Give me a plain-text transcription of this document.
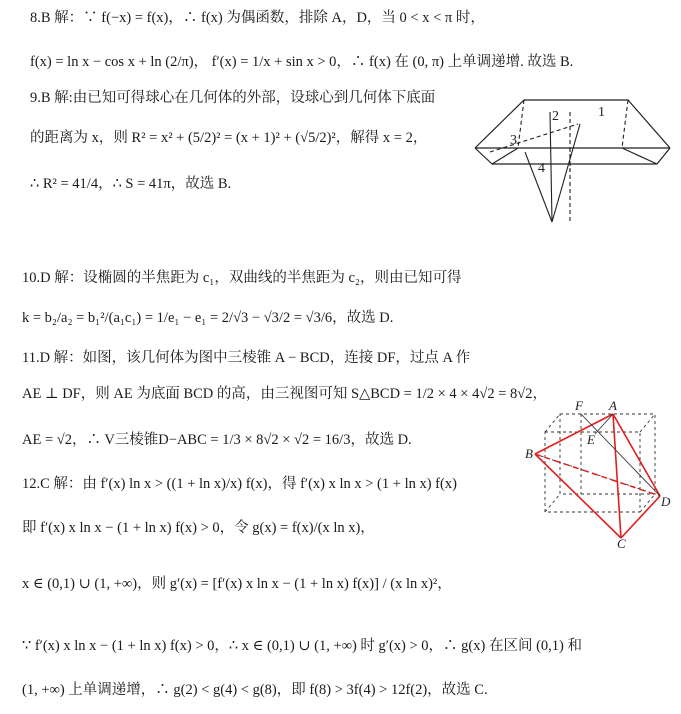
8.B 解：∵ f(−x) = f(x)，∴ f(x) 为偶函数，排除 A，D，当 0 < x < π 时，
f(x) = ln x − cos x + ln (2/π)， f′(x) = 1/x + sin x > 0，∴ f(x) 在 (0, π) 上单调递增. 故选 B.
9.B 解:由已知可得球心在几何体的外部，设球心到几何体下底面
的距离为 x，则 R² = x² + (5/2)² = (x + 1)² + (√5/2)²，解得 x = 2，
∴ R² = 41/4，∴ S = 41π，故选 B.
1
2
3
4
10.D 解：设椭圆的半焦距为 c₁，双曲线的半焦距为 c₂，则由已知可得
k = b₂/a₂ = b₁²/(a₁c₁) = 1/e₁ − e₁ = 2/√3 − √3/2 = √3/6，故选 D.
11.D 解：如图，该几何体为图中三棱锥 A − BCD，连接 DF，过点 A 作
AE ⊥ DF，则 AE 为底面 BCD 的高，由三视图可知 S△BCD = 1/2 × 4 × 4√2 = 8√2，
AE = √2，∴ V三棱锥D−ABC = 1/3 × 8√2 × √2 = 16/3，故选 D.
12.C 解：由 f′(x) ln x > ((1 + ln x)/x) f(x)，得 f′(x) x ln x > (1 + ln x) f(x)
即 f′(x) x ln x − (1 + ln x) f(x) > 0，令 g(x) = f(x)/(x ln x)，
x ∈ (0,1) ∪ (1, +∞)，则 g′(x) = [f′(x) x ln x − (1 + ln x) f(x)] / (x ln x)²，
∵ f′(x) x ln x − (1 + ln x) f(x) > 0，∴ x ∈ (0,1) ∪ (1, +∞) 时 g′(x) > 0，∴ g(x) 在区间 (0,1) 和
(1, +∞) 上单调递增，∴ g(2) < g(4) < g(8)，即 f(8) > 3f(4) > 12f(2)，故选 C.
F A
E
B
D
C
